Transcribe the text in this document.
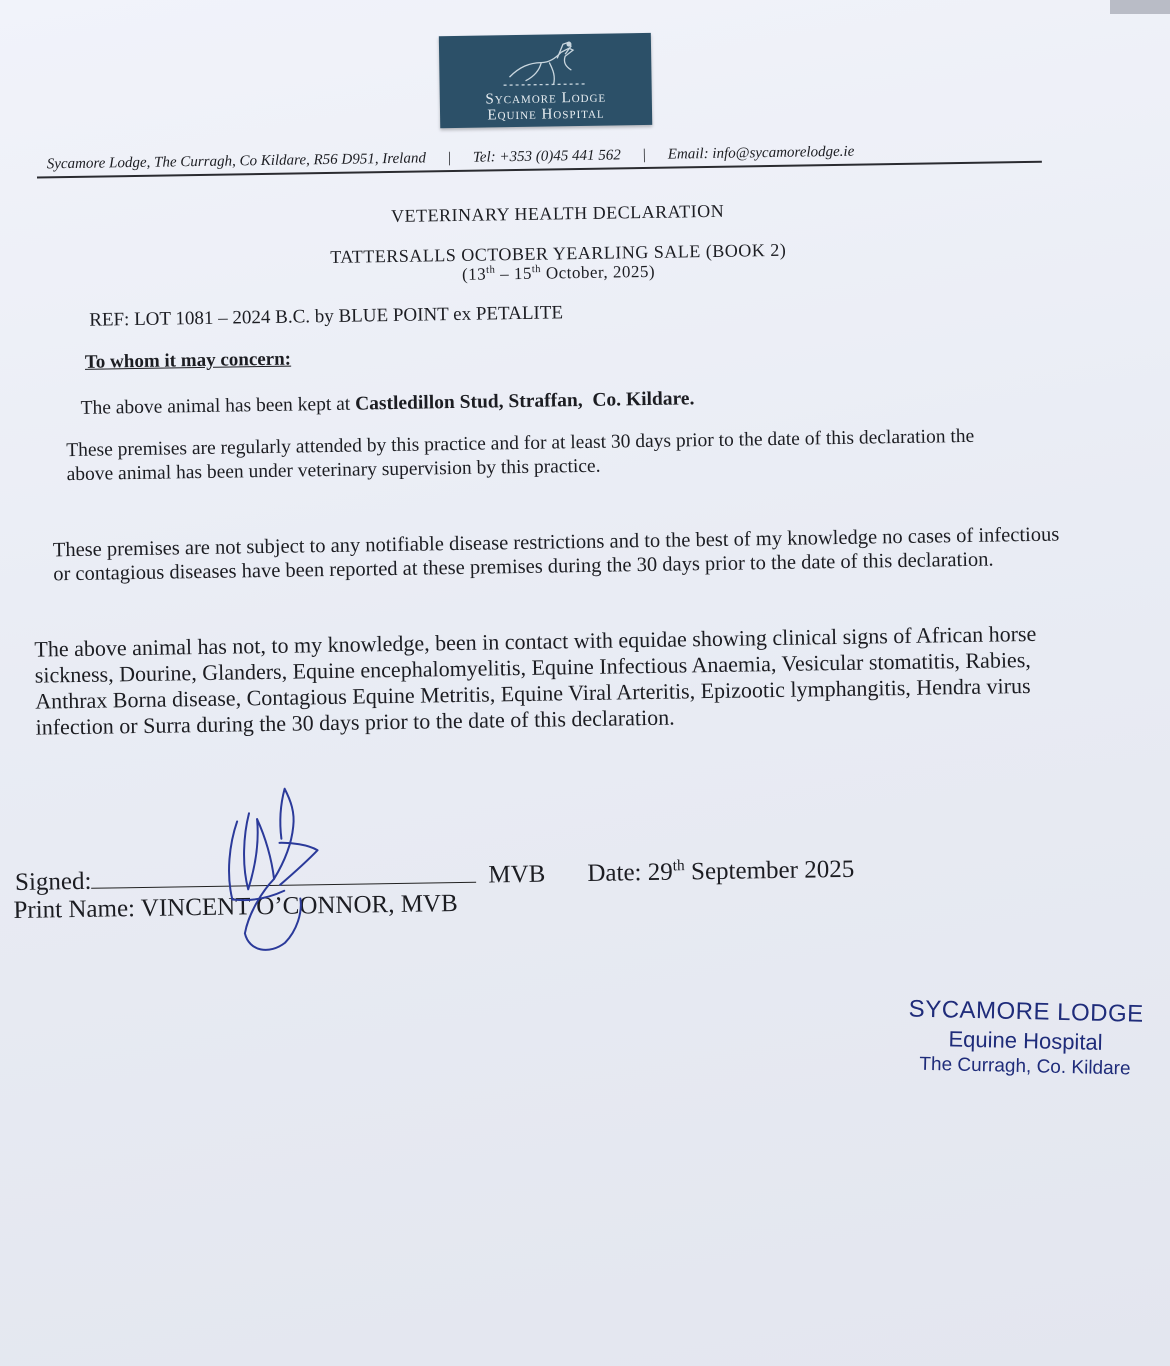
Sycamore Lodge
Equine Hospital
Sycamore Lodge, The Curragh, Co Kildare, R56 D951, Ireland | Tel: +353 (0)45 441 562 | Email: info@sycamorelodge.ie
VETERINARY HEALTH DECLARATION
TATTERSALLS OCTOBER YEARLING SALE (BOOK 2)
(13th – 15th October, 2025)
REF: LOT 1081 – 2024 B.C. by BLUE POINT ex PETALITE
To whom it may concern:
The above animal has been kept at Castledillon Stud, Straffan,  Co. Kildare.
These premises are regularly attended by this practice and for at least 30 days prior to the date of this declaration the above animal has been under veterinary supervision by this practice.
These premises are not subject to any notifiable disease restrictions and to the best of my knowledge no cases of infectious or contagious diseases have been reported at these premises during the 30 days prior to the date of this declaration.
The above animal has not, to my knowledge, been in contact with equidae showing clinical signs of African horse sickness, Dourine, Glanders, Equine encephalomyelitis, Equine Infectious Anaemia, Vesicular stomatitis, Rabies, Anthrax Borna disease, Contagious Equine Metritis, Equine Viral Arteritis, Epizootic lymphangitis, Hendra virus infection or Surra during the 30 days prior to the date of this declaration.
Signed:	MVB Date: 29th September 2025
Print Name: VINCENT O’CONNOR, MVB
SYCAMORE LODGE
Equine Hospital
The Curragh, Co. Kildare
